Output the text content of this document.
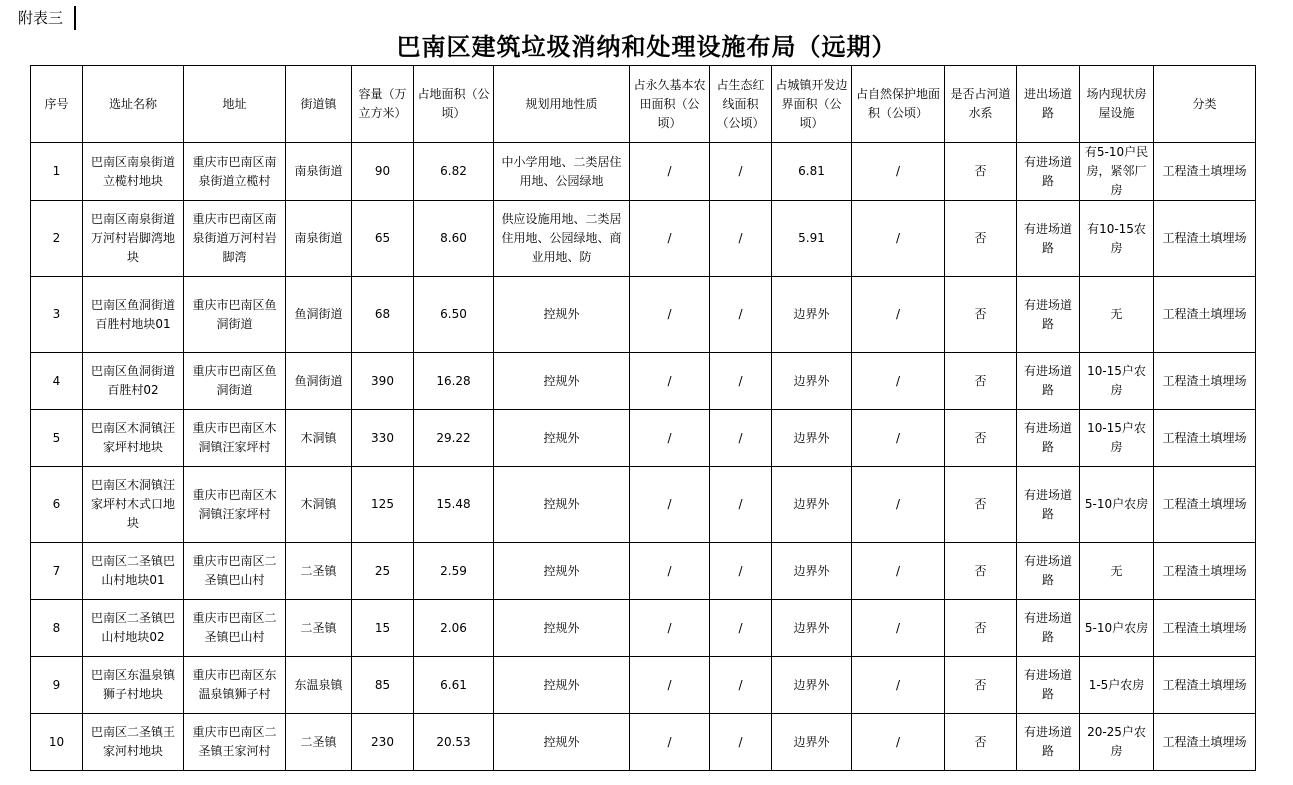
附表三
巴南区建筑垃圾消纳和处理设施布局（远期）
序号	选址名称	地址	街道镇	容量（万立方米）	占地面积（公顷）	规划用地性质	占永久基本农田面积（公顷）	占生态红线面积（公顷）	占城镇开发边界面积（公顷）	占自然保护地面积（公顷）	是否占河道水系	进出场道路	场内现状房屋设施	分类
1	巴南区南泉街道立榄村地块	重庆市巴南区南泉街道立榄村	南泉街道	90	6.82	中小学用地、二类居住用地、公园绿地	/	/	6.81	/	否	有进场道路	有5-10户民房，紧邻厂房	工程渣土填埋场
2	巴南区南泉街道万河村岩脚湾地块	重庆市巴南区南泉街道万河村岩脚湾	南泉街道	65	8.60	供应设施用地、二类居住用地、公园绿地、商业用地、防	/	/	5.91	/	否	有进场道路	有10-15农房	工程渣土填埋场
3	巴南区鱼洞街道百胜村地块01	重庆市巴南区鱼洞街道	鱼洞街道	68	6.50	控规外	/	/	边界外	/	否	有进场道路	无	工程渣土填埋场
4	巴南区鱼洞街道百胜村02	重庆市巴南区鱼洞街道	鱼洞街道	390	16.28	控规外	/	/	边界外	/	否	有进场道路	10-15户农房	工程渣土填埋场
5	巴南区木洞镇汪家坪村地块	重庆市巴南区木洞镇汪家坪村	木洞镇	330	29.22	控规外	/	/	边界外	/	否	有进场道路	10-15户农房	工程渣土填埋场
6	巴南区木洞镇汪家坪村木式口地块	重庆市巴南区木洞镇汪家坪村	木洞镇	125	15.48	控规外	/	/	边界外	/	否	有进场道路	5-10户农房	工程渣土填埋场
7	巴南区二圣镇巴山村地块01	重庆市巴南区二圣镇巴山村	二圣镇	25	2.59	控规外	/	/	边界外	/	否	有进场道路	无	工程渣土填埋场
8	巴南区二圣镇巴山村地块02	重庆市巴南区二圣镇巴山村	二圣镇	15	2.06	控规外	/	/	边界外	/	否	有进场道路	5-10户农房	工程渣土填埋场
9	巴南区东温泉镇狮子村地块	重庆市巴南区东温泉镇狮子村	东温泉镇	85	6.61	控规外	/	/	边界外	/	否	有进场道路	1-5户农房	工程渣土填埋场
10	巴南区二圣镇王家河村地块	重庆市巴南区二圣镇王家河村	二圣镇	230	20.53	控规外	/	/	边界外	/	否	有进场道路	20-25户农房	工程渣土填埋场
